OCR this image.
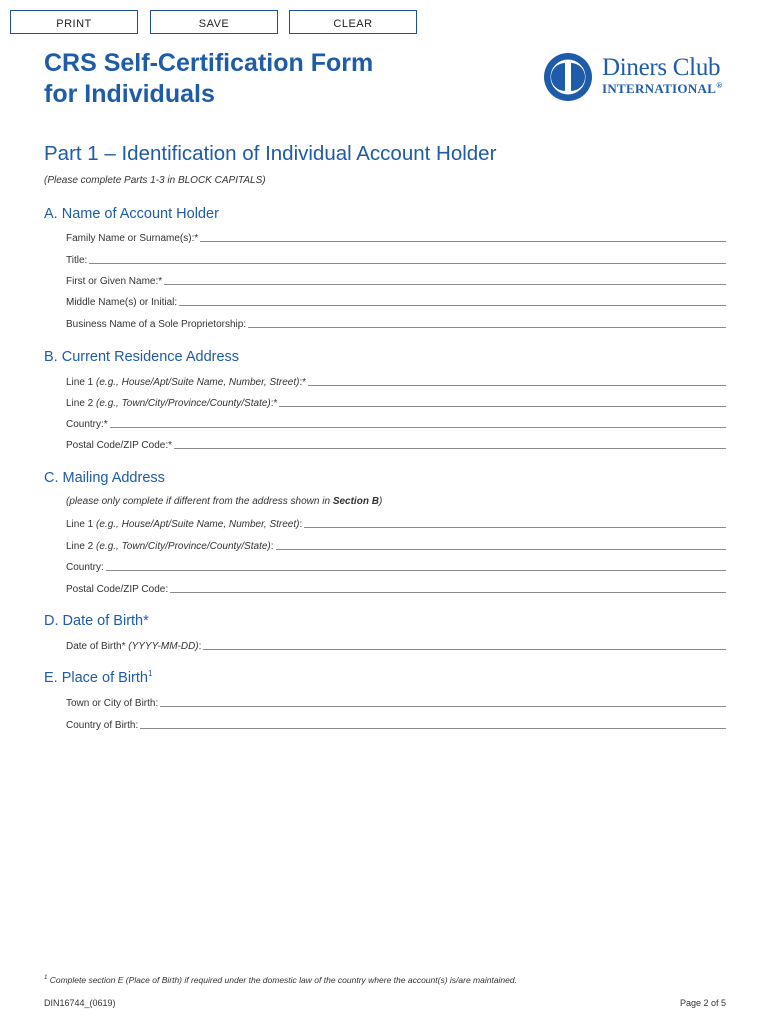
PRINT	SAVE	CLEAR
CRS Self-Certification Form
for Individuals
Diners Club
INTERNATIONAL®
Part 1 – Identification of Individual Account Holder
(Please complete Parts 1-3 in BLOCK CAPITALS)
A. Name of Account Holder
Family Name or Surname(s):*
Title:
First or Given Name:*
Middle Name(s) or Initial:
Business Name of a Sole Proprietorship:
B. Current Residence Address
Line 1 (e.g., House/Apt/Suite Name, Number, Street):*
Line 2 (e.g., Town/City/Province/County/State):*
Country:*
Postal Code/ZIP Code:*
C. Mailing Address
(please only complete if different from the address shown in Section B)
Line 1 (e.g., House/Apt/Suite Name, Number, Street):
Line 2 (e.g., Town/City/Province/County/State):
Country:
Postal Code/ZIP Code:
D. Date of Birth*
Date of Birth* (YYYY-MM-DD):
E. Place of Birth$^1$
Town or City of Birth:
Country of Birth:
$^1$ Complete section E (Place of Birth) if required under the domestic law of the country where the account(s) is/are maintained.
DIN16744_(0619)	Page 2 of 5
